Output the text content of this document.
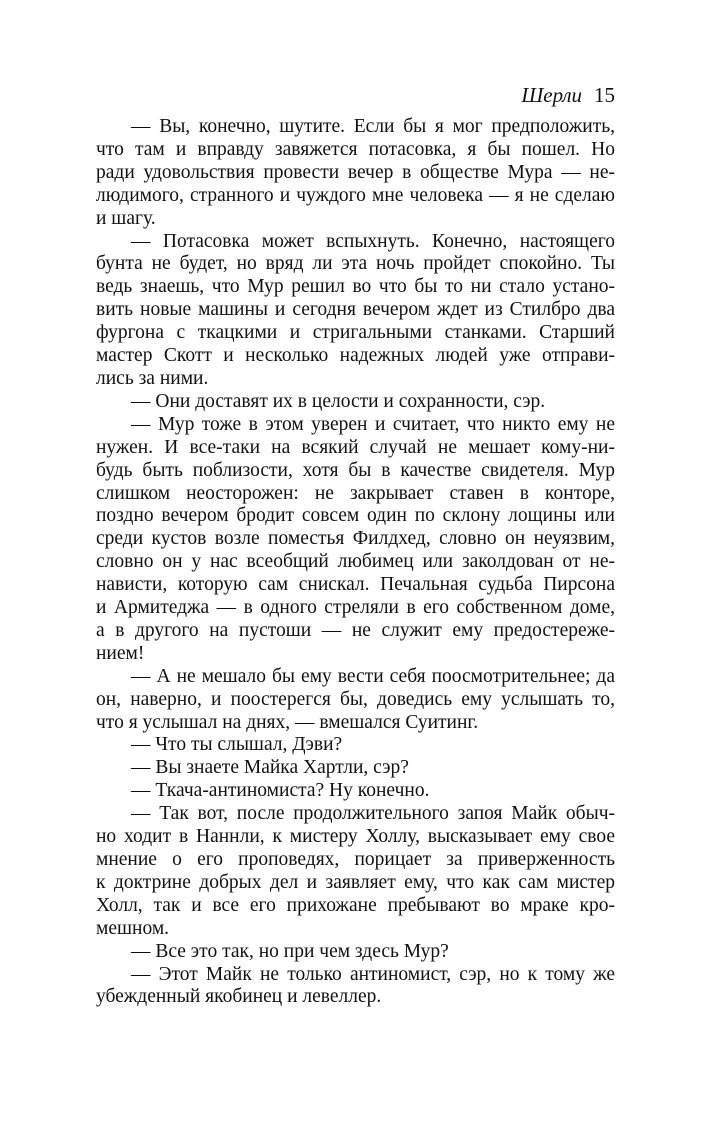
Шерли 15
— Вы, конечно, шутите. Если бы я мог предположить,
что там и вправду завяжется потасовка, я бы пошел. Но
ради удовольствия провести вечер в обществе Мура — не-
людимого, странного и чуждого мне человека — я не сделаю
и шагу.
— Потасовка может вспыхнуть. Конечно, настоящего
бунта не будет, но вряд ли эта ночь пройдет спокойно. Ты
ведь знаешь, что Мур решил во что бы то ни стало устано-
вить новые машины и сегодня вечером ждет из Стилбро два
фургона с ткацкими и стригальными станками. Старший
мастер Скотт и несколько надежных людей уже отправи-
лись за ними.
— Они доставят их в целости и сохранности, сэр.
— Мур тоже в этом уверен и считает, что никто ему не
нужен. И все-таки на всякий случай не мешает кому-ни-
будь быть поблизости, хотя бы в качестве свидетеля. Мур
слишком неосторожен: не закрывает ставен в конторе,
поздно вечером бродит совсем один по склону лощины или
среди кустов возле поместья Филдхед, словно он неуязвим,
словно он у нас всеобщий любимец или заколдован от не-
нависти, которую сам снискал. Печальная судьба Пирсона
и Армитеджа — в одного стреляли в его собственном доме,
а в другого на пустоши — не служит ему предостереже-
нием!
— А не мешало бы ему вести себя поосмотрительнее; да
он, наверно, и поостерегся бы, доведись ему услышать то,
что я услышал на днях, — вмешался Суитинг.
— Что ты слышал, Дэви?
— Вы знаете Майка Хартли, сэр?
— Ткача-антиномиста? Ну конечно.
— Так вот, после продолжительного запоя Майк обыч-
но ходит в Наннли, к мистеру Холлу, высказывает ему свое
мнение о его проповедях, порицает за приверженность
к доктрине добрых дел и заявляет ему, что как сам мистер
Холл, так и все его прихожане пребывают во мраке кро-
мешном.
— Все это так, но при чем здесь Мур?
— Этот Майк не только антиномист, сэр, но к тому же
убежденный якобинец и левеллер.
